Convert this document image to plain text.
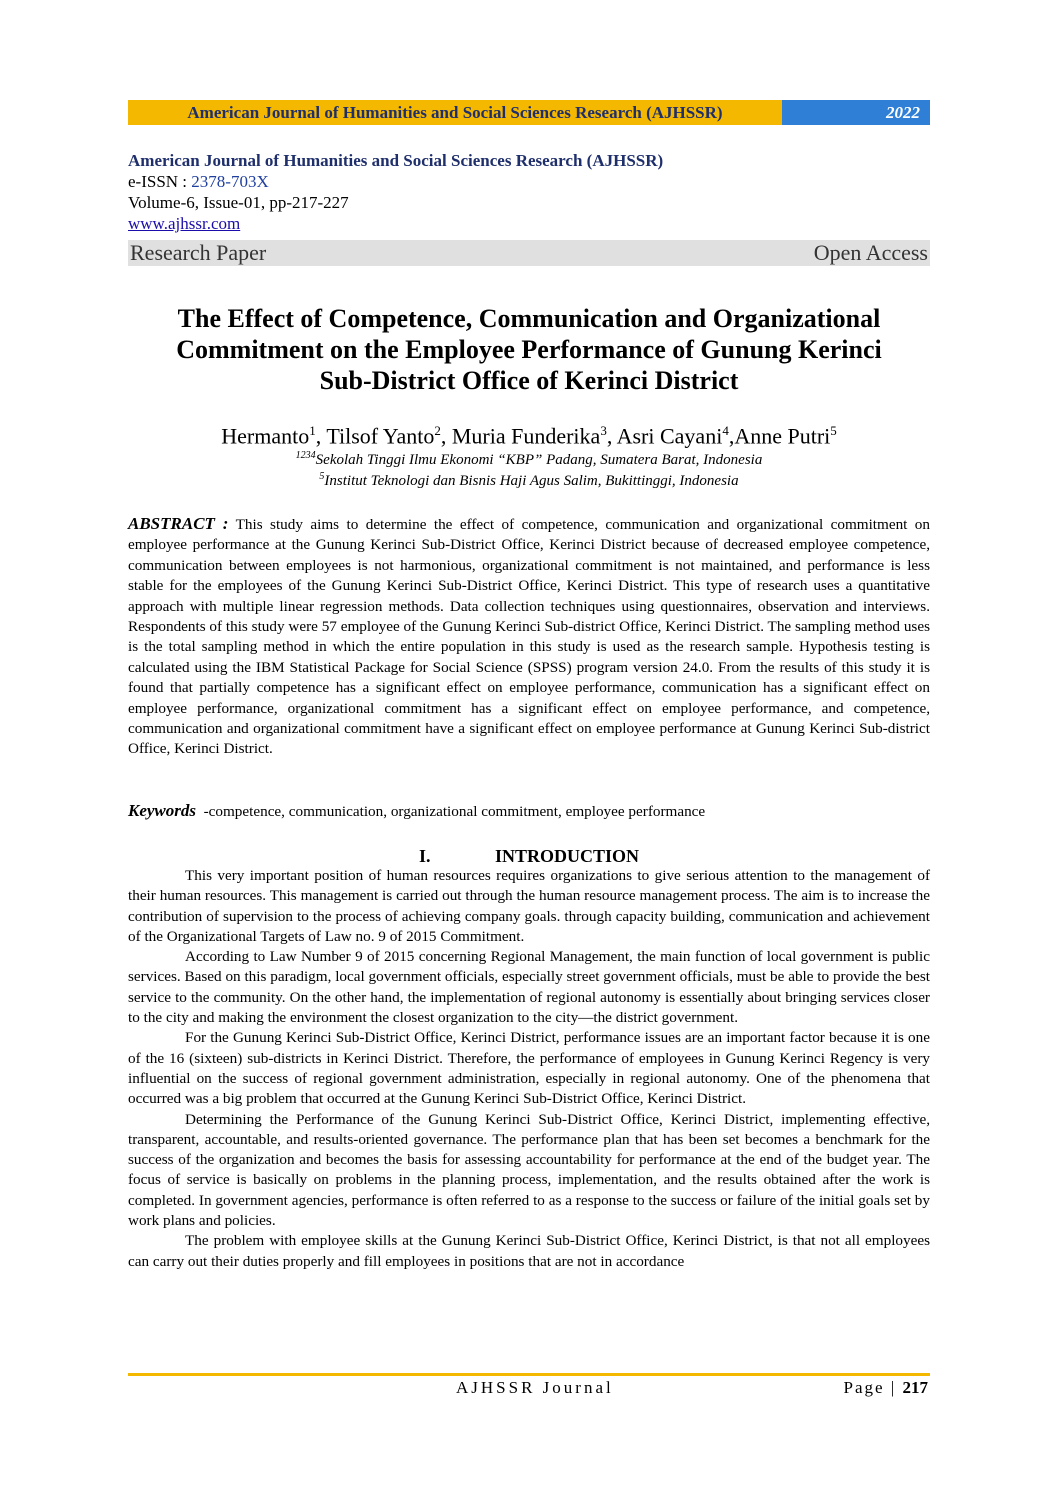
American Journal of Humanities and Social Sciences Research (AJHSSR)	2022
American Journal of Humanities and Social Sciences Research (AJHSSR)
e-ISSN : 2378-703X
Volume-6, Issue-01, pp-217-227
www.ajhssr.com
Research Paper	Open Access
The Effect of Competence, Communication and Organizational
Commitment on the Employee Performance of Gunung Kerinci
Sub-District Office of Kerinci District
Hermanto$^1$, Tilsof Yanto$^2$, Muria Funderika$^3$, Asri Cayani$^4$,Anne Putri$^5$
$^{1234}$Sekolah Tinggi Ilmu Ekonomi “KBP” Padang, Sumatera Barat, Indonesia
$^5$Institut Teknologi dan Bisnis Haji Agus Salim, Bukittinggi, Indonesia
ABSTRACT : This study aims to determine the effect of competence, communication and organizational commitment on employee performance at the Gunung Kerinci Sub-District Office, Kerinci District because of decreased employee competence, communication between employees is not harmonious, organizational commitment is not maintained, and performance is less stable for the employees of the Gunung Kerinci Sub-District Office, Kerinci District. This type of research uses a quantitative approach with multiple linear regression methods. Data collection techniques using questionnaires, observation and interviews. Respondents of this study were 57 employee of the Gunung Kerinci Sub-district Office, Kerinci District. The sampling method uses is the total sampling method in which the entire population in this study is used as the research sample. Hypothesis testing is calculated using the IBM Statistical Package for Social Science (SPSS) program version 24.0. From the results of this study it is found that partially competence has a significant effect on employee performance, communication has a significant effect on employee performance, organizational commitment has a significant effect on employee performance, and competence, communication and organizational commitment have a significant effect on employee performance at Gunung Kerinci Sub-district Office, Kerinci District.
Keywords -competence, communication, organizational commitment, employee performance
I.	INTRODUCTION

This very important position of human resources requires organizations to give serious attention to the management of their human resources. This management is carried out through the human resource management process. The aim is to increase the contribution of supervision to the process of achieving company goals. through capacity building, communication and achievement of the Organizational Targets of Law no. 9 of 2015 Commitment.

According to Law Number 9 of 2015 concerning Regional Management, the main function of local government is public services. Based on this paradigm, local government officials, especially street government officials, must be able to provide the best service to the community. On the other hand, the implementation of regional autonomy is essentially about bringing services closer to the city and making the environment the closest organization to the city—the district government.

For the Gunung Kerinci Sub-District Office, Kerinci District, performance issues are an important factor because it is one of the 16 (sixteen) sub-districts in Kerinci District. Therefore, the performance of employees in Gunung Kerinci Regency is very influential on the success of regional government administration, especially in regional autonomy. One of the phenomena that occurred was a big problem that occurred at the Gunung Kerinci Sub-District Office, Kerinci District.

Determining the Performance of the Gunung Kerinci Sub-District Office, Kerinci District, implementing effective, transparent, accountable, and results-oriented governance. The performance plan that has been set becomes a benchmark for the success of the organization and becomes the basis for assessing accountability for performance at the end of the budget year. The focus of service is basically on problems in the planning process, implementation, and the results obtained after the work is completed. In government agencies, performance is often referred to as a response to the success or failure of the initial goals set by work plans and policies.

The problem with employee skills at the Gunung Kerinci Sub-District Office, Kerinci District, is that not all employees can carry out their duties properly and fill employees in positions that are not in accordance

AJHSSR Journal	Page | 217
